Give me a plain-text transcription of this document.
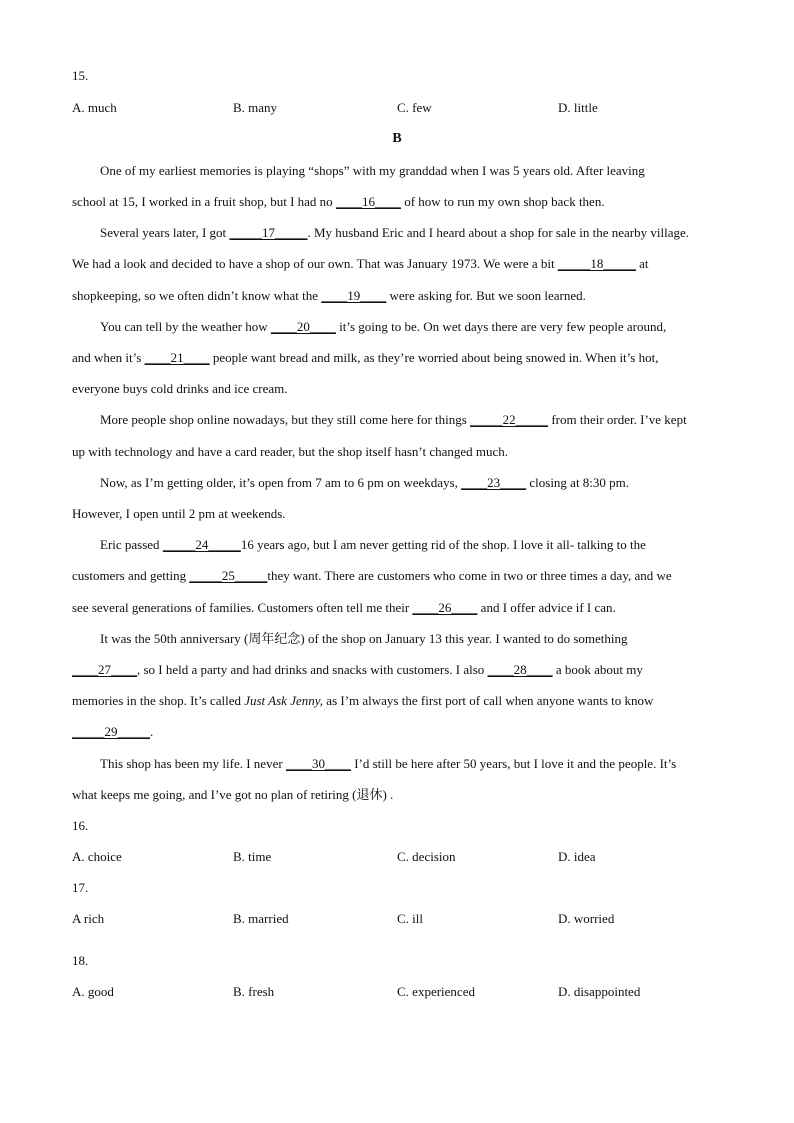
15.
A. much	B. many	C. few	D. little
B
One of my earliest memories is playing “shops” with my granddad when I was 5 years old. After leaving
school at 15, I worked in a fruit shop, but I had no ____16____ of how to run my own shop back then.
Several years later, I got _____17_____. My husband Eric and I heard about a shop for sale in the nearby village.
We had a look and decided to have a shop of our own. That was January 1973. We were a bit _____18_____ at
shopkeeping, so we often didn’t know what the ____19____ were asking for. But we soon learned.
You can tell by the weather how ____20____ it’s going to be. On wet days there are very few people around,
and when it’s ____21____ people want bread and milk, as they’re worried about being snowed in. When it’s hot,
everyone buys cold drinks and ice cream.
More people shop online nowadays, but they still come here for things _____22_____ from their order. I’ve kept
up with technology and have a card reader, but the shop itself hasn’t changed much.
Now, as I’m getting older, it’s open from 7 am to 6 pm on weekdays, ____23____ closing at 8:30 pm.
However, I open until 2 pm at weekends.
Eric passed _____24_____16 years ago, but I am never getting rid of the shop. I love it all- talking to the
customers and getting _____25_____they want. There are customers who come in two or three times a day, and we
see several generations of families. Customers often tell me their ____26____ and I offer advice if I can.
It was the 50th anniversary (周年纪念) of the shop on January 13 this year. I wanted to do something
____27____, so I held a party and had drinks and snacks with customers. I also ____28____ a book about my
memories in the shop. It’s called Just Ask Jenny, as I’m always the first port of call when anyone wants to know
_____29_____.
This shop has been my life. I never ____30____ I’d still be here after 50 years, but I love it and the people. It’s
what keeps me going, and I’ve got no plan of retiring (退休) .
16.
A. choice	B. time	C. decision	D. idea
17.
A rich	B. married	C. ill	D. worried
18.
A. good	B. fresh	C. experienced	D. disappointed
